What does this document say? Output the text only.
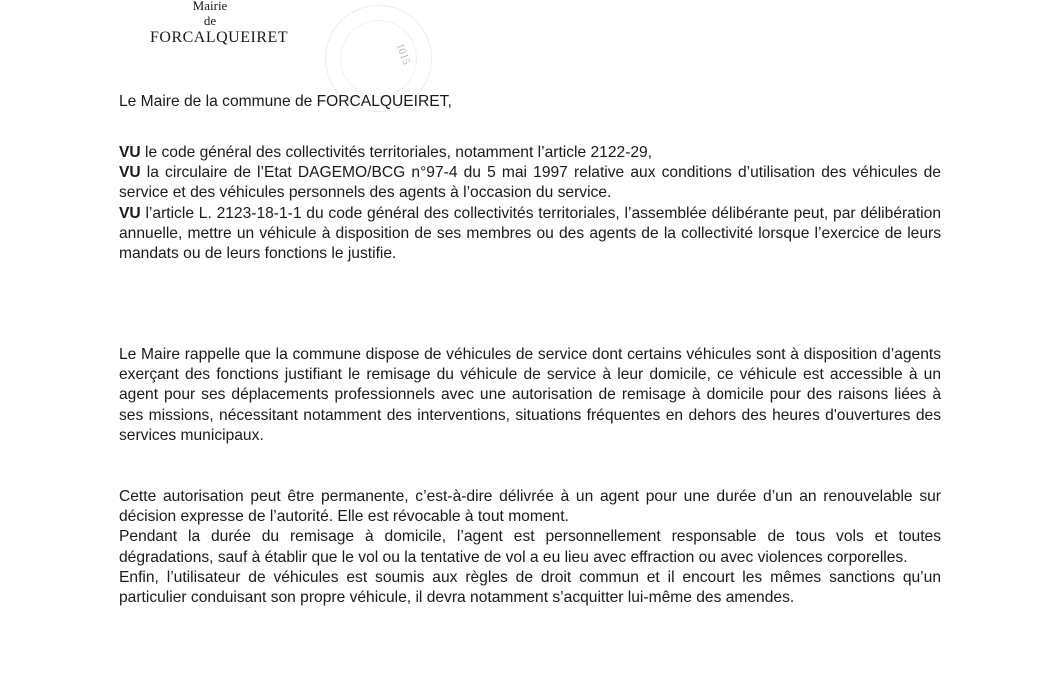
Mairie
de
FORCALQUEIRET
1015

Le Maire de la commune de FORCALQUEIRET,

VU le code général des collectivités territoriales, notamment l’article 2122-29,

VU la circulaire de l’Etat DAGEMO/BCG n°97-4 du 5 mai 1997 relative aux conditions d’utilisation des véhicules de service et des véhicules personnels des agents à l’occasion du service.

VU l’article L. 2123-18-1-1 du code général des collectivités territoriales, l’assemblée délibérante peut, par délibération annuelle, mettre un véhicule à disposition de ses membres ou des agents de la collectivité lorsque l’exercice de leurs mandats ou de leurs fonctions le justifie.

Le Maire rappelle que la commune dispose de véhicules de service dont certains véhicules sont à disposition d’agents exerçant des fonctions justifiant le remisage du véhicule de service à leur domicile, ce véhicule est accessible à un agent pour ses déplacements professionnels avec une autorisation de remisage à domicile pour des raisons liées à ses missions, nécessitant notamment des interventions, situations fréquentes en dehors des heures d'ouvertures des services municipaux.

Cette autorisation peut être permanente, c’est-à-dire délivrée à un agent pour une durée d’un an renouvelable sur décision expresse de l’autorité. Elle est révocable à tout moment.

Pendant la durée du remisage à domicile, l’agent est personnellement responsable de tous vols et toutes dégradations, sauf à établir que le vol ou la tentative de vol a eu lieu avec effraction ou avec violences corporelles.

Enfin, l’utilisateur de véhicules est soumis aux règles de droit commun et il encourt les mêmes sanctions qu’un particulier conduisant son propre véhicule, il devra notamment s’acquitter lui-même des amendes.
